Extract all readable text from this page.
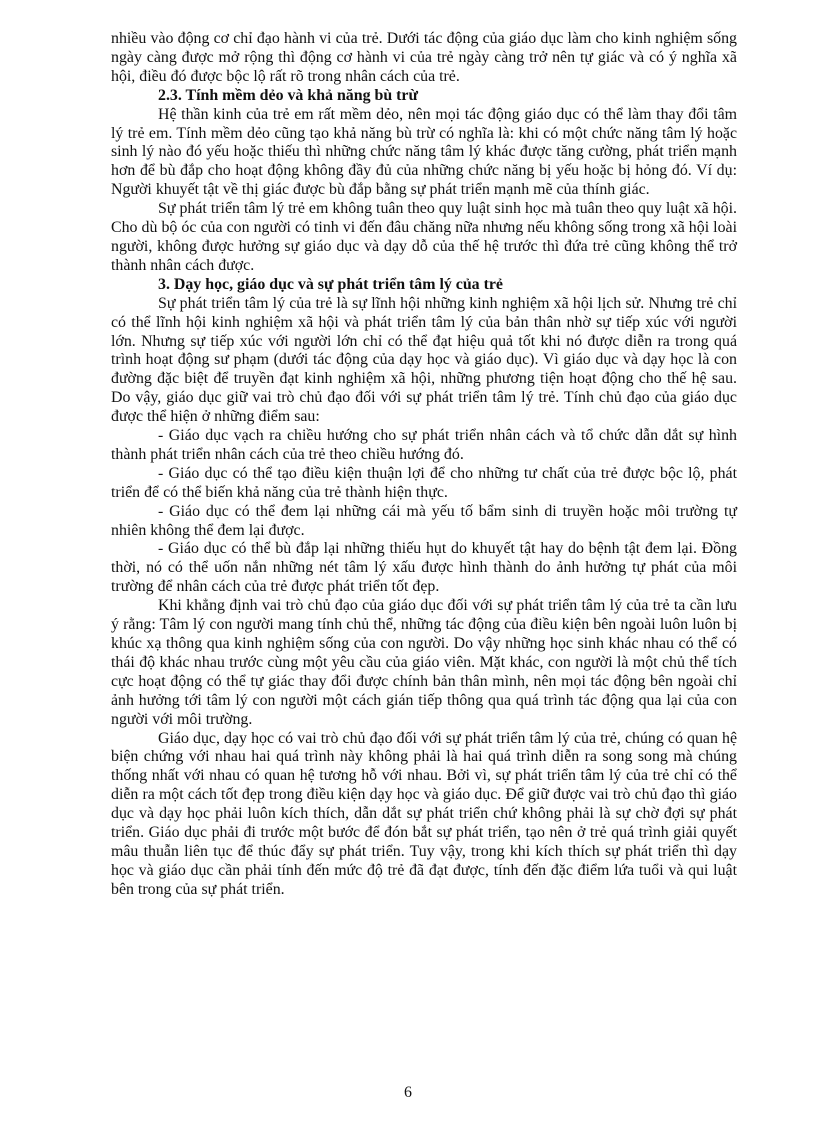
nhiều vào động cơ chỉ đạo hành vi của trẻ. Dưới tác động của giáo dục làm cho kinh nghiệm sống ngày càng được mở rộng thì động cơ hành vi của trẻ ngày càng trở nên tự giác và có ý nghĩa xã hội, điều đó được bộc lộ rất rõ trong nhân cách của trẻ.

2.3. Tính mềm dẻo và khả năng bù trừ

Hệ thần kinh của trẻ em rất mềm dẻo, nên mọi tác động giáo dục có thể làm thay đổi tâm lý trẻ em. Tính mềm dẻo cũng tạo khả năng bù trừ có nghĩa là: khi có một chức năng tâm lý hoặc sinh lý nào đó yếu hoặc thiếu thì những chức năng tâm lý khác được tăng cường, phát triển mạnh hơn để bù đắp cho hoạt động không đầy đủ của những chức năng bị yếu hoặc bị hỏng đó. Ví dụ: Người khuyết tật về thị giác được bù đắp bằng sự phát triển mạnh mẽ của thính giác.

Sự phát triển tâm lý trẻ em không tuân theo quy luật sinh học mà tuân theo quy luật xã hội. Cho dù bộ óc của con người có tinh vi đến đâu chăng nữa nhưng nếu không sống trong xã hội loài người, không được hưởng sự giáo dục và dạy dỗ của thế hệ trước thì đứa trẻ cũng không thể trở thành nhân cách được.

3. Dạy học, giáo dục và sự phát triển tâm lý của trẻ

Sự phát triển tâm lý của trẻ là sự lĩnh hội những kinh nghiệm xã hội lịch sử. Nhưng trẻ chỉ có thể lĩnh hội kinh nghiệm xã hội và phát triển tâm lý của bản thân nhờ sự tiếp xúc với người lớn. Nhưng sự tiếp xúc với người lớn chỉ có thể đạt hiệu quả tốt khi nó được diễn ra trong quá trình hoạt động sư phạm (dưới tác động của dạy học và giáo dục). Vì giáo dục và dạy học là con đường đặc biệt để truyền đạt kinh nghiệm xã hội, những phương tiện hoạt động cho thế hệ sau. Do vậy, giáo dục giữ vai trò chủ đạo đối với sự phát triển tâm lý trẻ. Tính chủ đạo của giáo dục được thể hiện ở những điểm sau:

- Giáo dục vạch ra chiều hướng cho sự phát triển nhân cách và tổ chức dẫn dắt sự hình thành phát triển nhân cách của trẻ theo chiều hướng đó.

- Giáo dục có thể tạo điều kiện thuận lợi để cho những tư chất của trẻ được bộc lộ, phát triển để có thể biến khả năng của trẻ thành hiện thực.

- Giáo dục có thể đem lại những cái mà yếu tố bẩm sinh di truyền hoặc môi trường tự nhiên không thể đem lại được.

- Giáo dục có thể bù đắp lại những thiếu hụt do khuyết tật hay do bệnh tật đem lại. Đồng thời, nó có thể uốn nắn những nét tâm lý xấu được hình thành do ảnh hưởng tự phát của môi trường để nhân cách của trẻ được phát triển tốt đẹp.

Khi khẳng định vai trò chủ đạo của giáo dục đối với sự phát triển tâm lý của trẻ ta cần lưu ý rằng: Tâm lý con người mang tính chủ thể, những tác động của điều kiện bên ngoài luôn luôn bị khúc xạ thông qua kinh nghiệm sống của con người. Do vậy những học sinh khác nhau có thể có thái độ khác nhau trước cùng một yêu cầu của giáo viên. Mặt khác, con người là một chủ thể tích cực hoạt động có thể tự giác thay đổi được chính bản thân mình, nên mọi tác động bên ngoài chỉ ảnh hưởng tới tâm lý con người một cách gián tiếp thông qua quá trình tác động qua lại của con người với môi trường.

Giáo dục, dạy học có vai trò chủ đạo đối với sự phát triển tâm lý của trẻ, chúng có quan hệ biện chứng với nhau hai quá trình này không phải là hai quá trình diễn ra song song mà chúng thống nhất với nhau có quan hệ tương hỗ với nhau. Bởi vì, sự phát triển tâm lý của trẻ chỉ có thể diễn ra một cách tốt đẹp trong điều kiện dạy học và giáo dục. Để giữ được vai trò chủ đạo thì giáo dục và dạy học phải luôn kích thích, dẫn dắt sự phát triển chứ không phải là sự chờ đợi sự phát triển. Giáo dục phải đi trước một bước để đón bắt sự phát triển, tạo nên ở trẻ quá trình giải quyết mâu thuẫn liên tục để thúc đẩy sự phát triển. Tuy vậy, trong khi kích thích sự phát triển thì dạy học và giáo dục cần phải tính đến mức độ trẻ đã đạt được, tính đến đặc điểm lứa tuổi và qui luật bên trong của sự phát triển.

6
